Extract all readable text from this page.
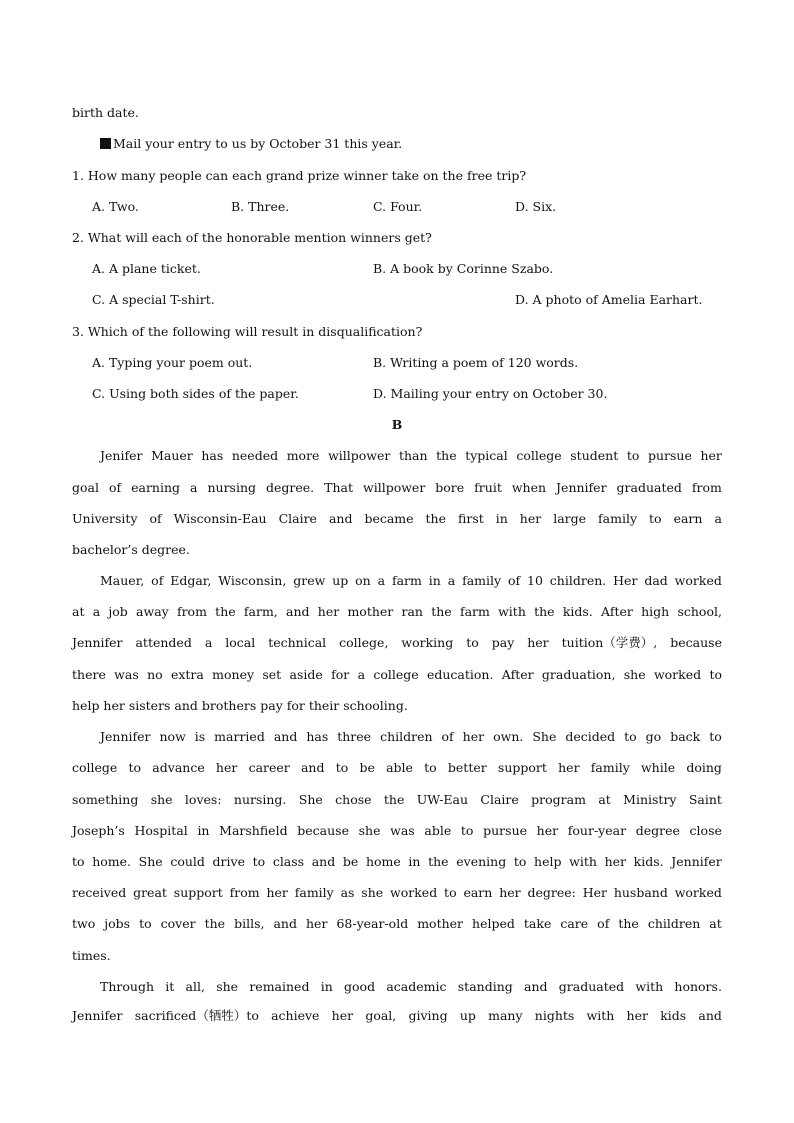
birth date.
Mail your entry to us by October 31 this year.
1. How many people can each grand prize winner take on the free trip?
A. Two.	B. Three.	C. Four.	D. Six.
2. What will each of the honorable mention winners get?
A. A plane ticket.	B. A book by Corinne Szabo.
C. A special T-shirt.	D. A photo of Amelia Earhart.
3. Which of the following will result in disqualification?
A. Typing your poem out.	B. Writing a poem of 120 words.
C. Using both sides of the paper.	D. Mailing your entry on October 30.
B
Jenifer Mauer has needed more willpower than the typical college student to pursue her
goal of earning a nursing degree. That willpower bore fruit when Jennifer graduated from
University of Wisconsin-Eau Claire and became the first in her large family to earn a
bachelor’s degree.
Mauer, of Edgar, Wisconsin, grew up on a farm in a family of 10 children. Her dad worked
at a job away from the farm, and her mother ran the farm with the kids. After high school,
Jennifer attended a local technical college, working to pay her tuition（学费）, because
there was no extra money set aside for a college education. After graduation, she worked to
help her sisters and brothers pay for their schooling.
Jennifer now is married and has three children of her own. She decided to go back to
college to advance her career and to be able to better support her family while doing
something she loves: nursing. She chose the UW-Eau Claire program at Ministry Saint
Joseph’s Hospital in Marshfield because she was able to pursue her four-year degree close
to home. She could drive to class and be home in the evening to help with her kids. Jennifer
received great support from her family as she worked to earn her degree: Her husband worked
two jobs to cover the bills, and her 68-year-old mother helped take care of the children at
times.
Through it all, she remained in good academic standing and graduated with honors.
Jennifer sacrificed（牺牲）to achieve her goal, giving up many nights with her kids and
